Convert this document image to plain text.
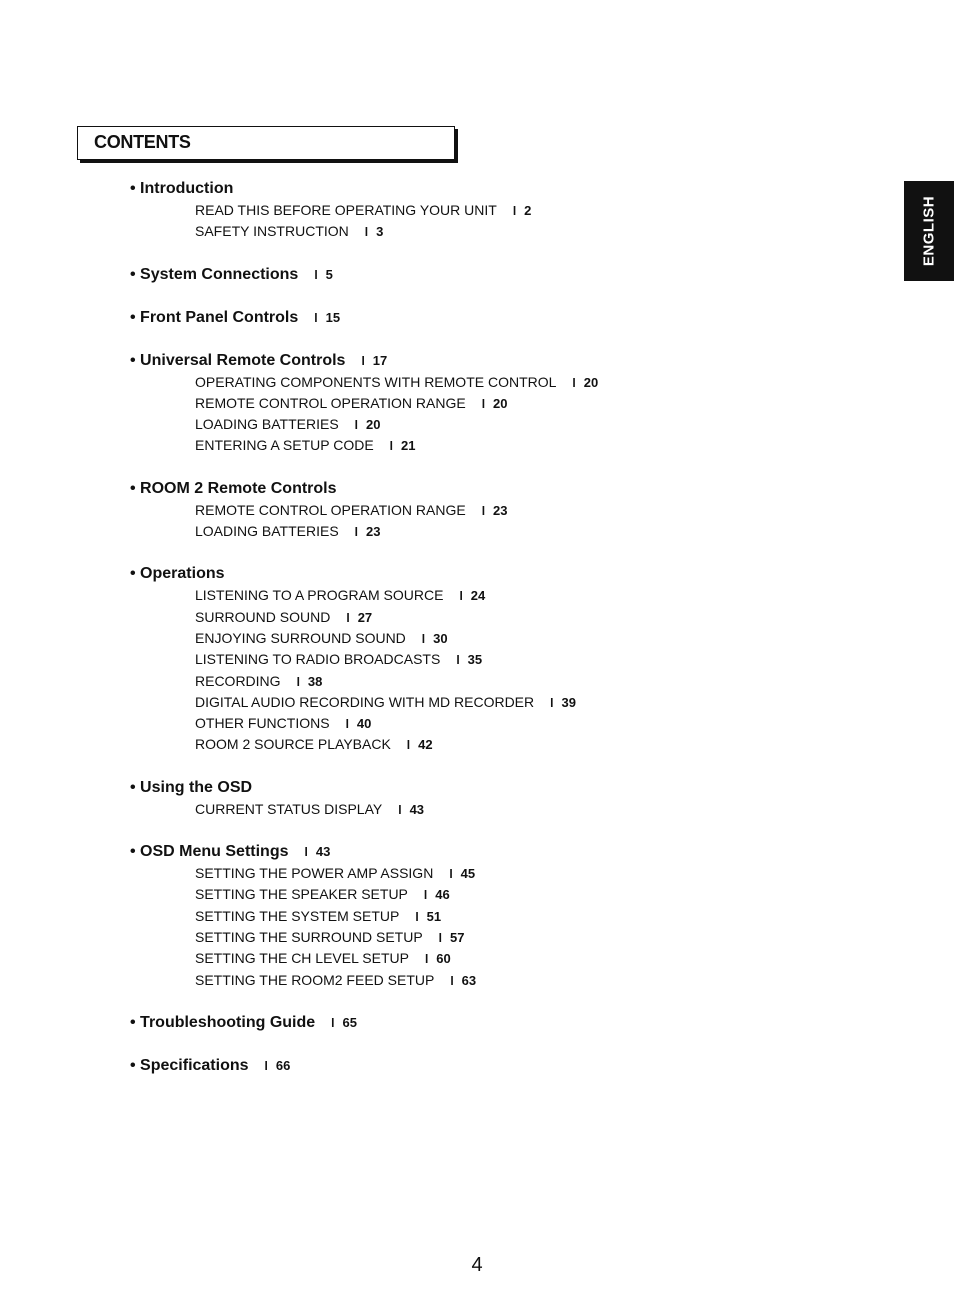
CONTENTS
ENGLISH
• Introduction
READ THIS BEFORE OPERATING YOUR UNIT l 2
SAFETY INSTRUCTION l 3
• System Connections l 5
• Front Panel Controls l 15
• Universal Remote Controls l 17
OPERATING COMPONENTS WITH REMOTE CONTROL l 20
REMOTE CONTROL OPERATION RANGE l 20
LOADING BATTERIES l 20
ENTERING A SETUP CODE l 21
• ROOM 2 Remote Controls
REMOTE CONTROL OPERATION RANGE l 23
LOADING BATTERIES l 23
• Operations
LISTENING TO A PROGRAM SOURCE l 24
SURROUND SOUND l 27
ENJOYING SURROUND SOUND l 30
LISTENING TO RADIO BROADCASTS l 35
RECORDING l 38
DIGITAL AUDIO RECORDING WITH MD RECORDER l 39
OTHER FUNCTIONS l 40
ROOM 2 SOURCE PLAYBACK l 42
• Using the OSD
CURRENT STATUS DISPLAY l 43
• OSD Menu Settings l 43
SETTING THE POWER AMP ASSIGN l 45
SETTING THE SPEAKER SETUP l 46
SETTING THE SYSTEM SETUP l 51
SETTING THE SURROUND SETUP l 57
SETTING THE CH LEVEL SETUP l 60
SETTING THE ROOM2 FEED SETUP l 63
• Troubleshooting Guide l 65
• Specifications l 66
4
